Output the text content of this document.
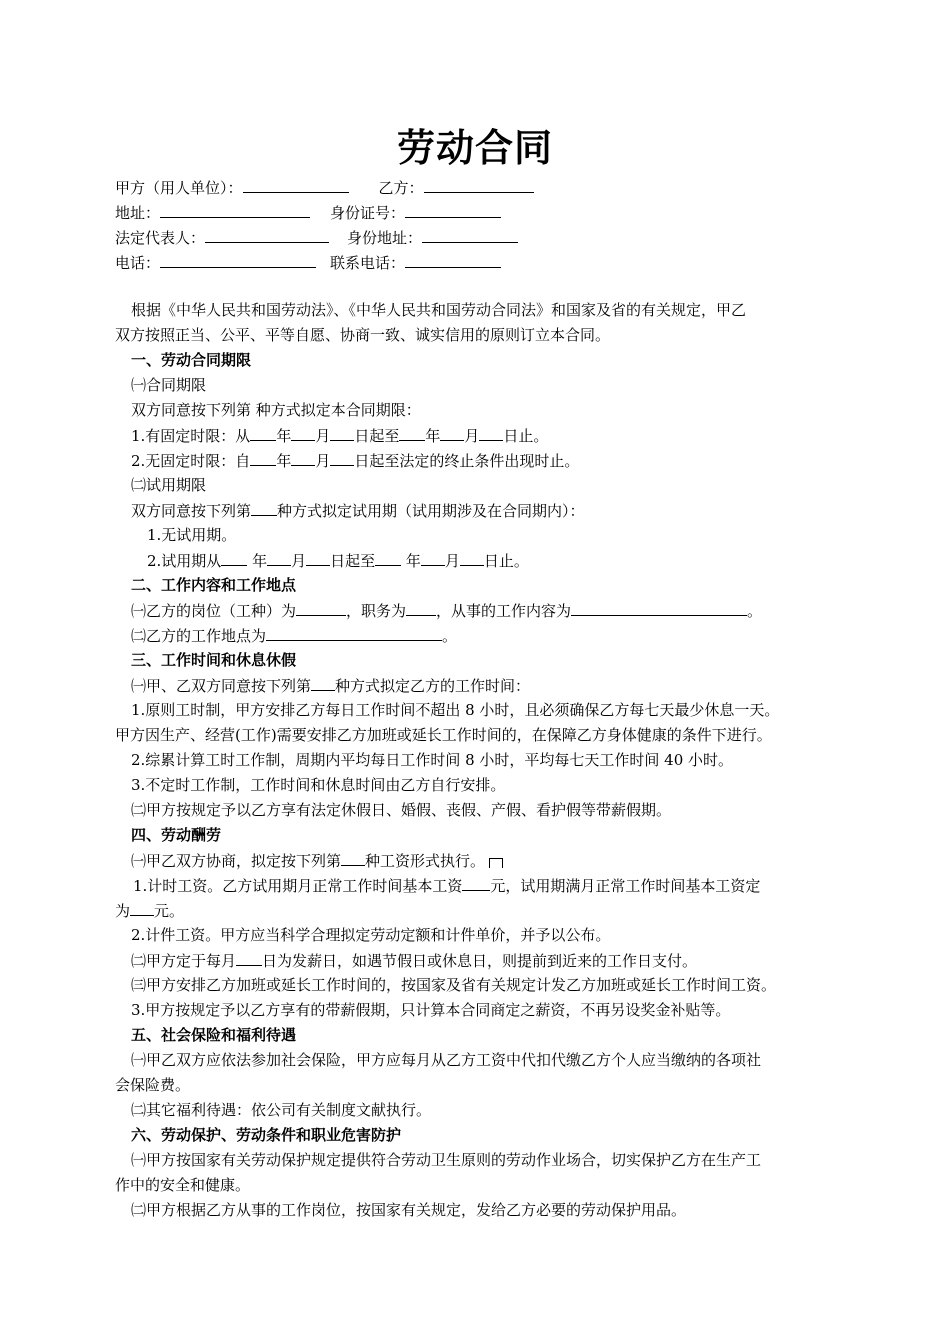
劳动合同
甲方（用人单位）：	乙方：
地址：	身份证号：
法定代表人：	身份地址：
电话：	联系电话：
根据《中华人民共和国劳动法》、《中华人民共和国劳动合同法》和国家及省的有关规定，甲乙
双方按照正当、公平、平等自愿、协商一致、诚实信用的原则订立本合同。
一、劳动合同期限
㈠合同期限
双方同意按下列第 种方式拟定本合同期限：
1.有固定时限：从 年 月 日起至 年 月 日止。
2.无固定时限：自 年 月 日起至法定的终止条件出现时止。
㈡试用期限
双方同意按下列第 种方式拟定试用期（试用期涉及在合同期内）：
1.无试用期。
2.试用期从 年 月 日起至 年 月 日止。
二、工作内容和工作地点
㈠乙方的岗位（工种）为	，职务为 ，从事的工作内容为	。
㈡乙方的工作地点为	。
三、工作时间和休息休假
㈠甲、乙双方同意按下列第 种方式拟定乙方的工作时间：
1.原则工时制，甲方安排乙方每日工作时间不超出 8 小时，且必须确保乙方每七天最少休息一天。
甲方因生产、经营(工作)需要安排乙方加班或延长工作时间的，在保障乙方身体健康的条件下进行。
2.综累计算工时工作制，周期内平均每日工作时间 8 小时，平均每七天工作时间 40 小时。
3.不定时工作制，工作时间和休息时间由乙方自行安排。
㈡甲方按规定予以乙方享有法定休假日、婚假、丧假、产假、看护假等带薪假期。
四、劳动酬劳
㈠甲乙双方协商，拟定按下列第 种工资形式执行。
1.计时工资。乙方试用期月正常工作时间基本工资 元，试用期满月正常工作时间基本工资定
为 元。
2.计件工资。甲方应当科学合理拟定劳动定额和计件单价，并予以公布。
㈡甲方定于每月 日为发薪日，如遇节假日或休息日，则提前到近来的工作日支付。
㈢甲方安排乙方加班或延长工作时间的，按国家及省有关规定计发乙方加班或延长工作时间工资。
3.甲方按规定予以乙方享有的带薪假期，只计算本合同商定之薪资，不再另设奖金补贴等。
五、社会保险和福利待遇
㈠甲乙双方应依法参加社会保险，甲方应每月从乙方工资中代扣代缴乙方个人应当缴纳的各项社
会保险费。
㈡其它福利待遇：依公司有关制度文献执行。
六、劳动保护、劳动条件和职业危害防护
㈠甲方按国家有关劳动保护规定提供符合劳动卫生原则的劳动作业场合，切实保护乙方在生产工
作中的安全和健康。
㈡甲方根据乙方从事的工作岗位，按国家有关规定，发给乙方必要的劳动保护用品。
